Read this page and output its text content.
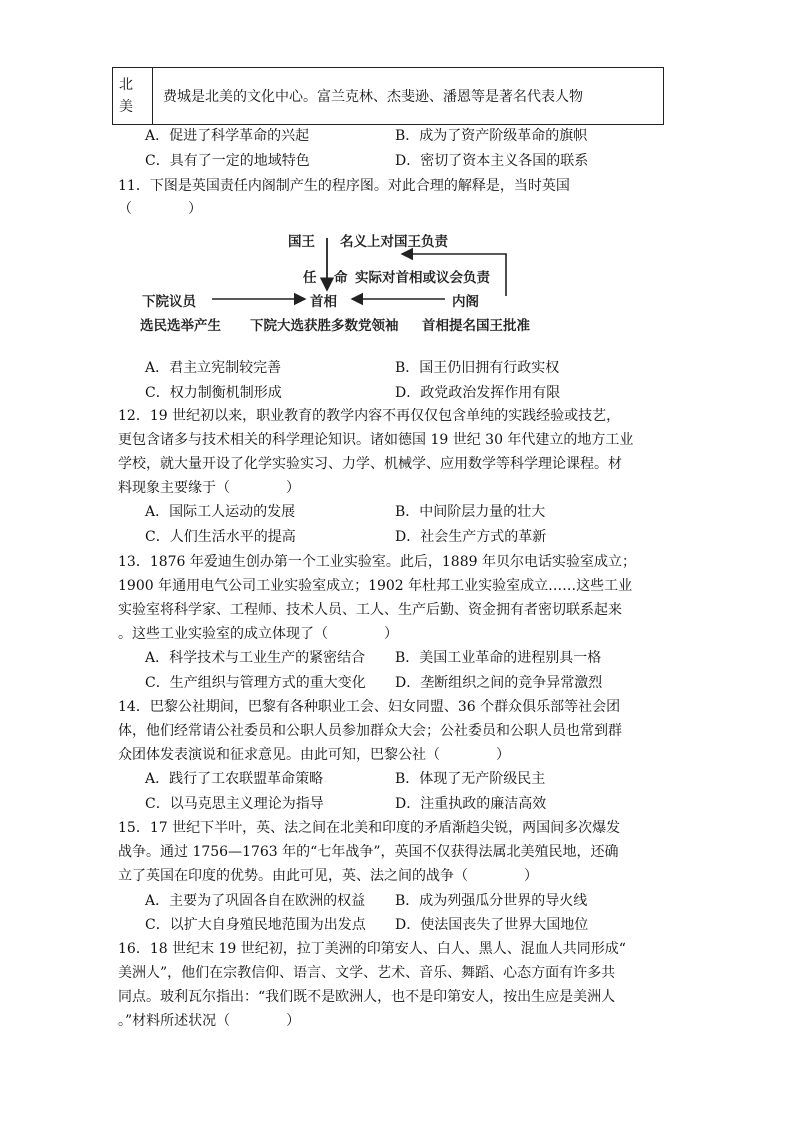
北
美
费城是北美的文化中心。富兰克林、杰斐逊、潘恩等是著名代表人物
A．促进了科学革命的兴起	B．成为了资产阶级革命的旗帜
C．具有了一定的地域特色	D．密切了资本主义各国的联系
11．下图是英国责任内阁制产生的程序图。对此合理的解释是，当时英国
（　　　　）
国王 名义上对国王负责
任 命 实际对首相或议会负责
下院议员	首相	内阁
选民选举产生 下院大选获胜多数党领袖 首相提名国王批准
A．君主立宪制较完善	B．国王仍旧拥有行政实权
C．权力制衡机制形成	D．政党政治发挥作用有限
12．19 世纪初以来，职业教育的教学内容不再仅仅包含单纯的实践经验或技艺，
更包含诸多与技术相关的科学理论知识。诸如德国 19 世纪 30 年代建立的地方工业
学校，就大量开设了化学实验实习、力学、机械学、应用数学等科学理论课程。材
料现象主要缘于（　　　　）
A．国际工人运动的发展	B．中间阶层力量的壮大
C．人们生活水平的提高	D．社会生产方式的革新
13．1876 年爱迪生创办第一个工业实验室。此后，1889 年贝尔电话实验室成立；
1900 年通用电气公司工业实验室成立；1902 年杜邦工业实验室成立……这些工业
实验室将科学家、工程师、技术人员、工人、生产后勤、资金拥有者密切联系起来
。这些工业实验室的成立体现了（　　　　）
A．科学技术与工业生产的紧密结合 B．美国工业革命的进程别具一格
C．生产组织与管理方式的重大变化 D．垄断组织之间的竞争异常激烈
14．巴黎公社期间，巴黎有各种职业工会、妇女同盟、36 个群众俱乐部等社会团
体，他们经常请公社委员和公职人员参加群众大会；公社委员和公职人员也常到群
众团体发表演说和征求意见。由此可知，巴黎公社（　　　　）
A．践行了工农联盟革命策略	B．体现了无产阶级民主
C．以马克思主义理论为指导	D．注重执政的廉洁高效
15．17 世纪下半叶，英、法之间在北美和印度的矛盾渐趋尖锐，两国间多次爆发
战争。通过 1756—1763 年的“七年战争”，英国不仅获得法属北美殖民地，还确
立了英国在印度的优势。由此可见，英、法之间的战争（　　　　）
A．主要为了巩固各自在欧洲的权益 B．成为列强瓜分世界的导火线
C．以扩大自身殖民地范围为出发点 D．使法国丧失了世界大国地位
16．18 世纪末 19 世纪初，拉丁美洲的印第安人、白人、黑人、混血人共同形成“
美洲人”，他们在宗教信仰、语言、文学、艺术、音乐、舞蹈、心态方面有许多共
同点。玻利瓦尔指出：“我们既不是欧洲人，也不是印第安人，按出生应是美洲人
。”材料所述状况（　　　　）
